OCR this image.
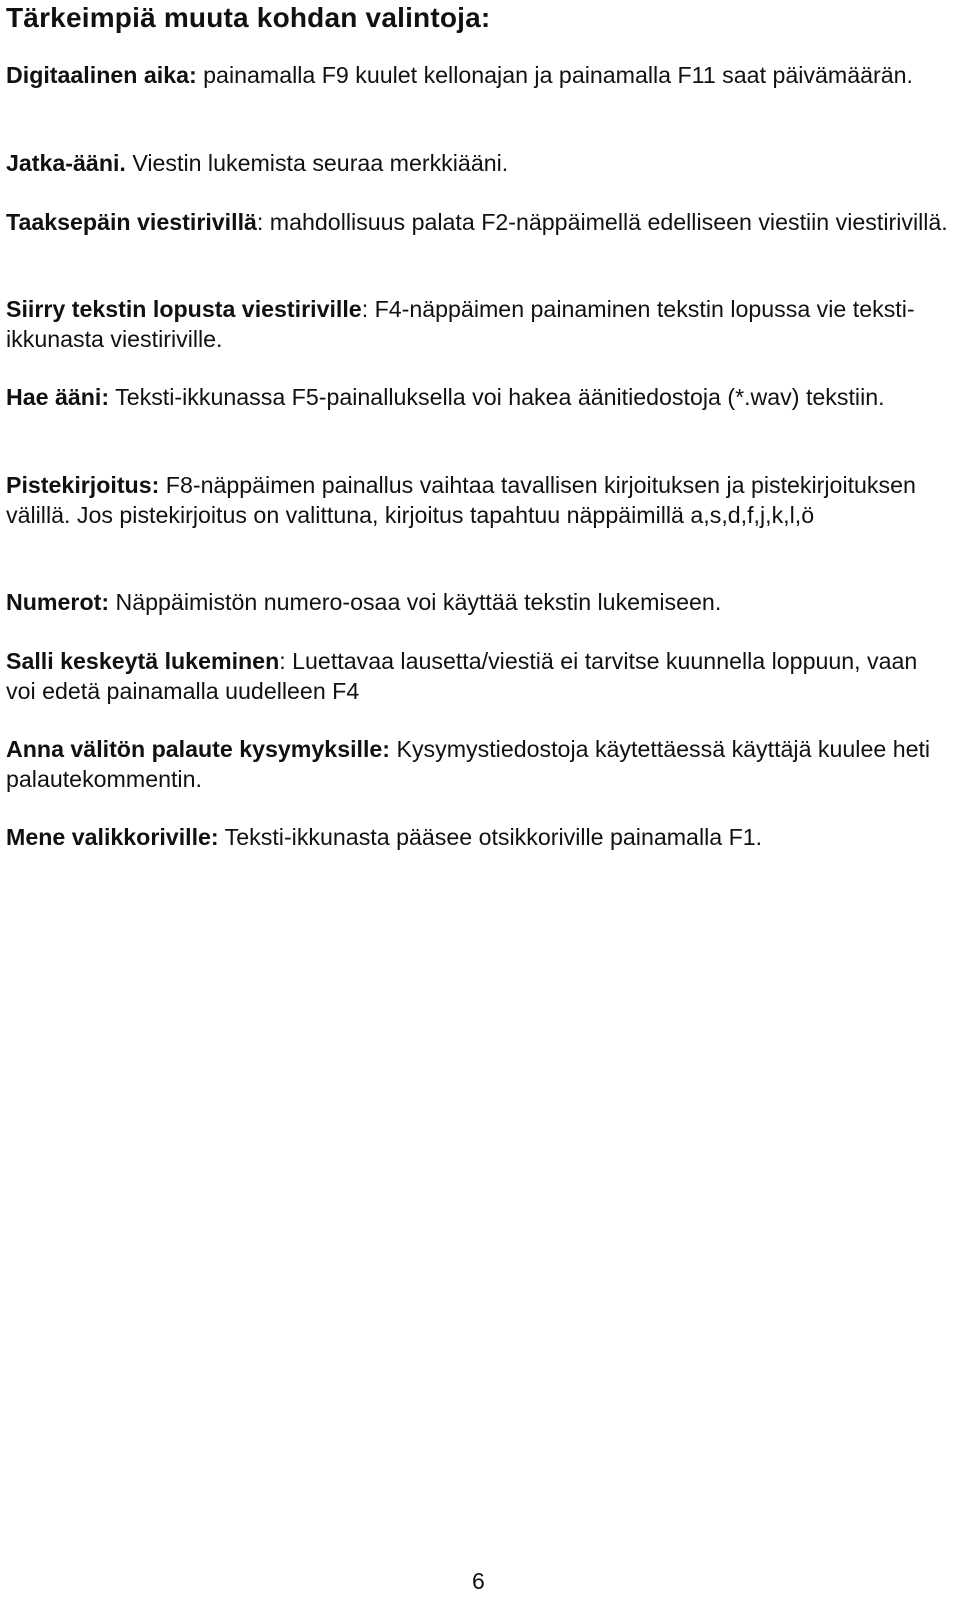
Tärkeimpiä muuta kohdan valintoja:

Digitaalinen aika: painamalla F9 kuulet kellonajan ja painamalla F11 saat päivämäärän.

Jatka-ääni. Viestin lukemista seuraa merkkiääni.

Taaksepäin viestirivillä: mahdollisuus palata F2-näppäimellä edelliseen viestiin viestirivillä.

Siirry tekstin lopusta viestiriville: F4-näppäimen painaminen tekstin lopussa vie teksti-ikkunasta viestiriville.

Hae ääni: Teksti-ikkunassa F5-painalluksella voi hakea äänitiedostoja (*.wav) tekstiin.

Pistekirjoitus: F8-näppäimen painallus vaihtaa tavallisen kirjoituksen ja pistekirjoituksen välillä. Jos pistekirjoitus on valittuna, kirjoitus tapahtuu näppäimillä a,s,d,f,j,k,l,ö

Numerot: Näppäimistön numero-osaa voi käyttää tekstin lukemiseen.

Salli keskeytä lukeminen: Luettavaa lausetta/viestiä ei tarvitse kuunnella loppuun, vaan voi edetä painamalla uudelleen F4

Anna välitön palaute kysymyksille: Kysymystiedostoja käytettäessä käyttäjä kuulee heti palautekommentin.

Mene valikkoriville: Teksti-ikkunasta pääsee otsikkoriville painamalla F1.

6
